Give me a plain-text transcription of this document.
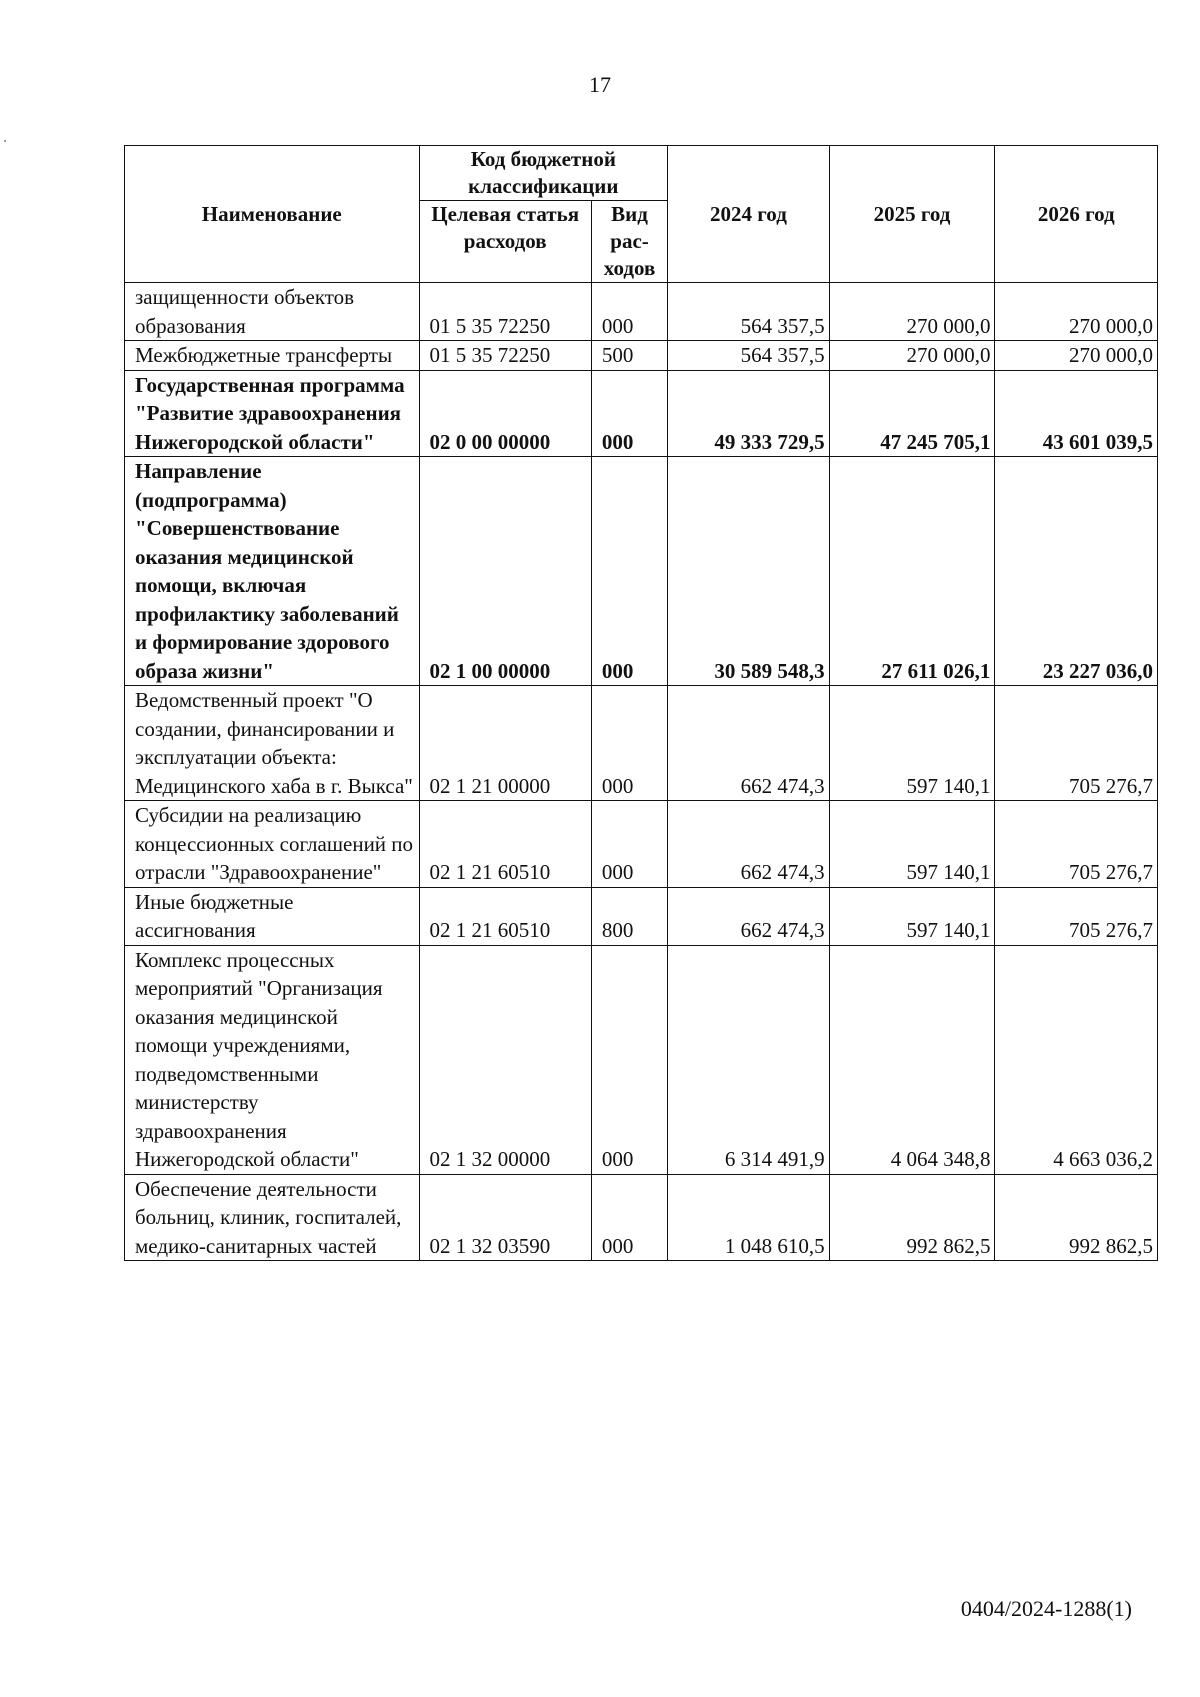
17
Наименование	Код бюджетной классификации		2024 год	2025 год	2026 год
	Целевая статья расходов	Вид рас-ходов			
защищенности объектов образования	01 5 35 72250	000	564 357,5	270 000,0	270 000,0
Межбюджетные трансферты	01 5 35 72250	500	564 357,5	270 000,0	270 000,0
Государственная программа "Развитие здравоохранения Нижегородской области"	02 0 00 00000	000	49 333 729,5	47 245 705,1	43 601 039,5
Направление (подпрограмма) "Совершенствование оказания медицинской помощи, включая профилактику заболеваний и формирование здорового образа жизни"	02 1 00 00000	000	30 589 548,3	27 611 026,1	23 227 036,0
Ведомственный проект "О создании, финансировании и эксплуатации объекта: Медицинского хаба в г. Выкса"	02 1 21 00000	000	662 474,3	597 140,1	705 276,7
Субсидии на реализацию концессионных соглашений по отрасли "Здравоохранение"	02 1 21 60510	000	662 474,3	597 140,1	705 276,7
Иные бюджетные ассигнования	02 1 21 60510	800	662 474,3	597 140,1	705 276,7
Комплекс процессных мероприятий "Организация оказания медицинской помощи учреждениями, подведомственными министерству здравоохранения Нижегородской области"	02 1 32 00000	000	6 314 491,9	4 064 348,8	4 663 036,2
Обеспечение деятельности больниц, клиник, госпиталей, медико-санитарных частей	02 1 32 03590	000	1 048 610,5	992 862,5	992 862,5
0404/2024-1288(1)
